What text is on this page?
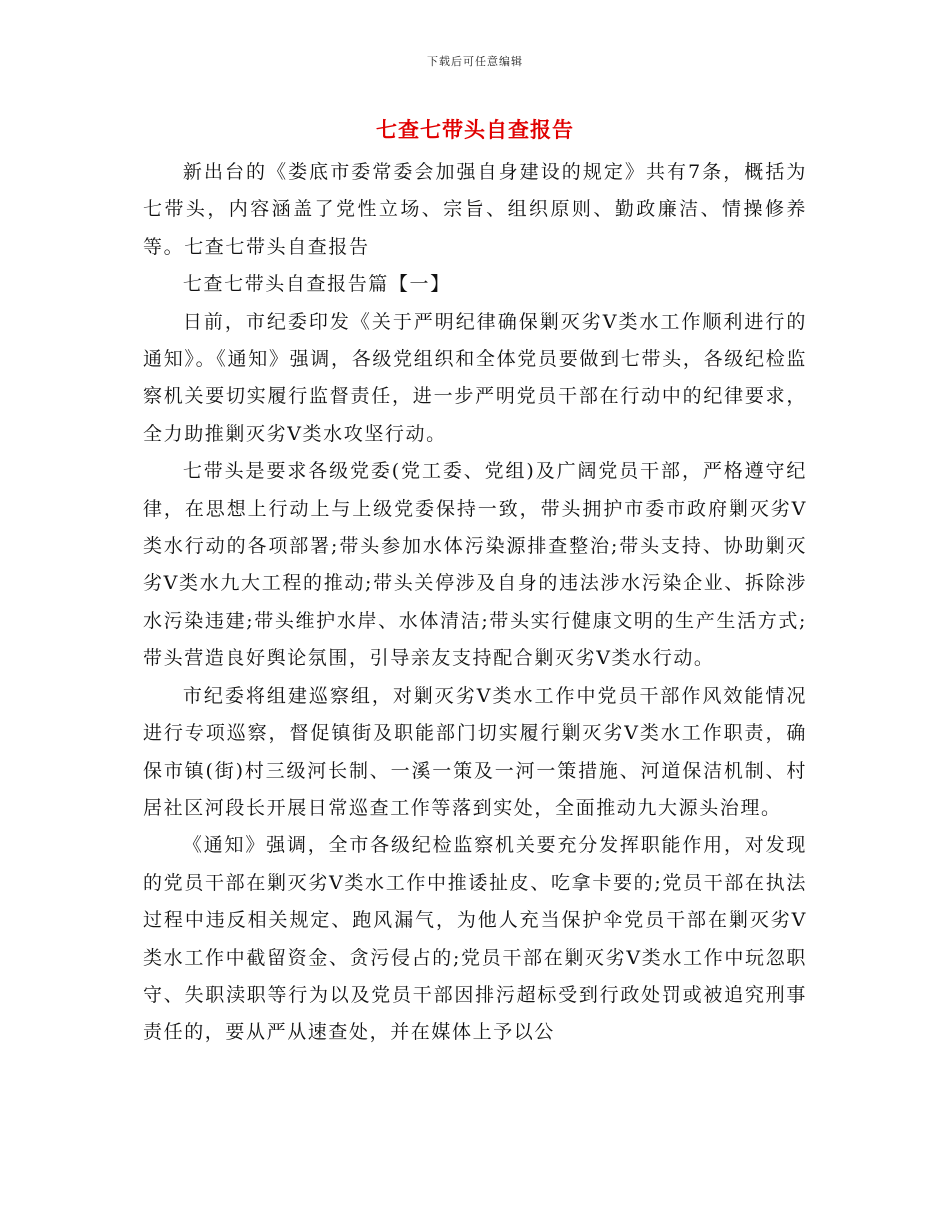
下载后可任意编辑
七查七带头自查报告

新出台的《娄底市委常委会加强自身建设的规定》共有7条，概括为七带头，内容涵盖了党性立场、宗旨、组织原则、勤政廉洁、情操修养等。七查七带头自查报告

七查七带头自查报告篇【一】

日前，市纪委印发《关于严明纪律确保剿灭劣Ⅴ类水工作顺利进行的通知》。《通知》强调，各级党组织和全体党员要做到七带头，各级纪检监察机关要切实履行监督责任，进一步严明党员干部在行动中的纪律要求，全力助推剿灭劣Ⅴ类水攻坚行动。

七带头是要求各级党委(党工委、党组)及广阔党员干部，严格遵守纪律，在思想上行动上与上级党委保持一致，带头拥护市委市政府剿灭劣Ⅴ类水行动的各项部署;带头参加水体污染源排查整治;带头支持、协助剿灭劣Ⅴ类水九大工程的推动;带头关停涉及自身的违法涉水污染企业、拆除涉水污染违建;带头维护水岸、水体清洁;带头实行健康文明的生产生活方式;带头营造良好舆论氛围，引导亲友支持配合剿灭劣Ⅴ类水行动。

市纪委将组建巡察组，对剿灭劣Ⅴ类水工作中党员干部作风效能情况进行专项巡察，督促镇街及职能部门切实履行剿灭劣Ⅴ类水工作职责，确保市镇(街)村三级河长制、一溪一策及一河一策措施、河道保洁机制、村居社区河段长开展日常巡查工作等落到实处，全面推动九大源头治理。

《通知》强调，全市各级纪检监察机关要充分发挥职能作用，对发现的党员干部在剿灭劣Ⅴ类水工作中推诿扯皮、吃拿卡要的;党员干部在执法过程中违反相关规定、跑风漏气，为他人充当保护伞党员干部在剿灭劣Ⅴ类水工作中截留资金、贪污侵占的;党员干部在剿灭劣Ⅴ类水工作中玩忽职守、失职渎职等行为以及党员干部因排污超标受到行政处罚或被追究刑事责任的，要从严从速查处，并在媒体上予以公
